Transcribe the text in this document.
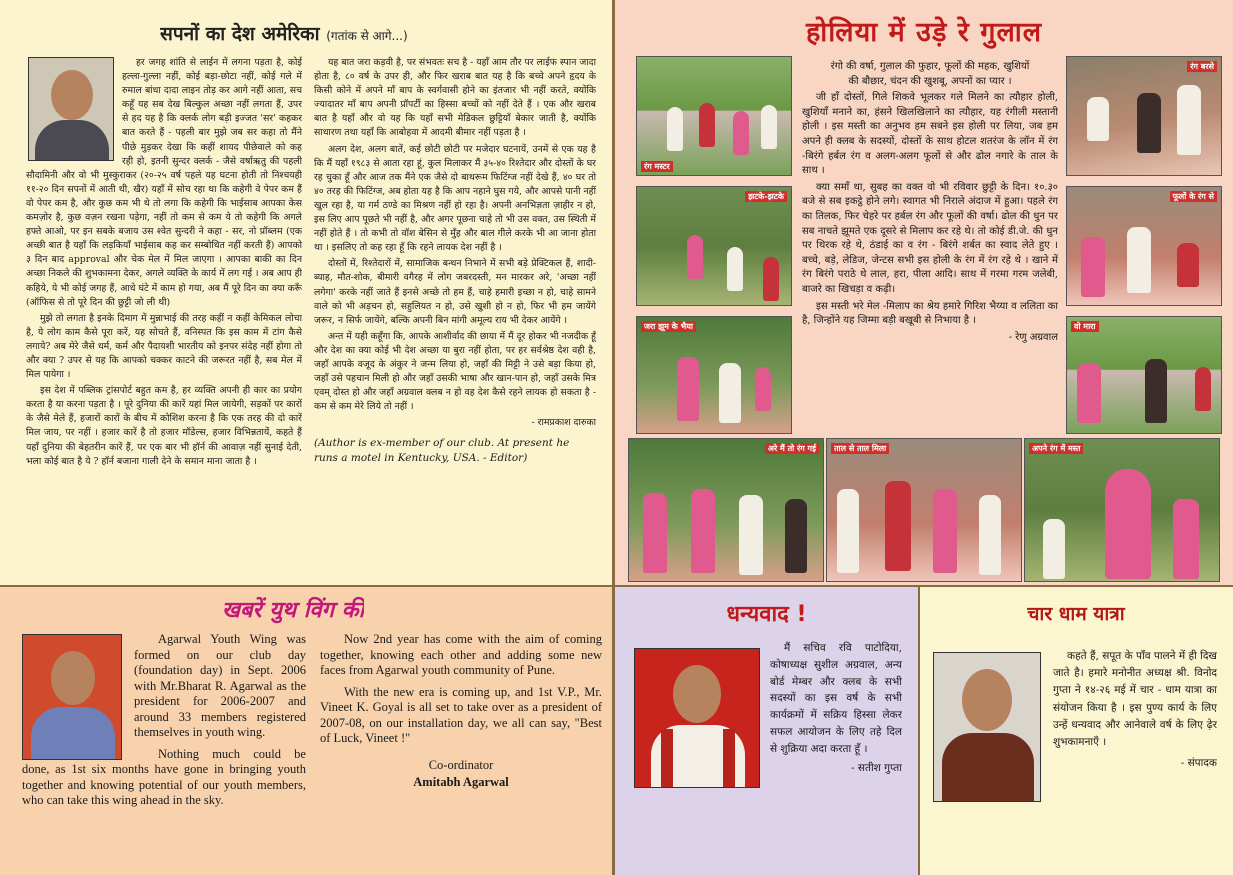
सपनों का देश अमेरिका (गतांक से आगे...)

हर जगह शांति से लाईन में लगना पड़ता है, कोई हल्ला-गुल्ला नहीं, कोई बड़ा-छोटा नहीं, कोई गले में रुमाल बांधा दादा लाइन तोड़ कर आगे नहीं आता, सच कहूँ यह सब देख बिल्कुल अच्छा नहीं लगता हैं, उपर से हद यह है कि क्लर्क लोग बड़ी इज्जत 'सर' कहकर बात करते हैं - पहली बार मुझे जब सर कहा तो मैंने पीछे मुड़कर देखा कि कहीं शायद पीछेवाले को कह रही हो, इतनी सुन्दर क्लर्क - जैसे वर्षाऋतु की पहली सौदामिनी और वो भी मुस्कुराकर (२०-२५ वर्ष पहले यह घटना होती तो निश्चयही ११-२० दिन सपनों में आती थी, खैर) यहाँ में सोच रहा था कि कहेगी वे पेपर कम हैं वो पेपर कम है, और कुछ कम भी थे तो लगा कि कहेगी कि भाईसाब आपका केस कमज़ोर है, कुछ वज़न रखना पड़ेगा, नहीं तो कम से कम ये तो कहेगी कि अगले हफ्ते आओ, पर इन सबके बजाय उस श्वेत सुन्दरी ने कहा - सर, नो प्रॉब्लम (एक अच्छी बात है यहाँ कि लड़कियाँ भाईसाब कह कर सम्बोधित नहीं करती हैं) आपको ३ दिन बाद approval और चेक मेल में मिल जाएगा । आपका बाकी का दिन अच्छा निकले की शुभकामना देकर, अगले व्यक्ति के कार्य में लग गई । अब आप ही कहिये, ये भी कोई जगह हैं, आधे घंटे में काम हो गया, अब मैं पूरे दिन का क्या करूँ (ऑफिस से तो पूरे दिन की छुट्टी जो ली थी)

मुझे तो लगता है इनके दिमाग में मुन्नाभाई की तरह कहीं न कहीं केमिकल लोचा है, ये लोग काम कैसे पूरा करें, यह सोचते हैं, वनिस्पत कि इस काम में टांग कैसे लगाये? अब मेरे जैसे धर्म, कर्म और पैदायशी भारतीय को इनपर संदेह नहीं होगा तो और क्या ? उपर से यह कि आपको चक्कर काटने की जरूरत नहीं है, सब मेल में मिल पायेगा ।

इस देश में पब्लिक ट्रांसपोर्ट बहुत कम है, हर व्यक्ति अपनी ही कार का प्रयोग करता है या करना पड़ता है । पूरे दुनिया की कारें यहां मिल जायेगी, सड़कों पर कारों के जैसे मेले हैं, हजारों कारों के बीच में कोशिश करना है कि एक तरह की दो कारें मिल जाय, पर नहीं । हजार कारें है तो हजार मॉडेल्स, हजार विभिन्नतायें, कहते हैं यहाँ दुनिया की बेहतरीन कारें हैं, पर एक बार भी हॉर्न की आवाज़ नहीं सुनाई देती, भला कोई बात है ये ? हॉर्न बजाना गाली देने के समान माना जाता है ।

यह बात जरा कड़वी है, पर संभवतः सच है - यहाँ आम तौर पर लाईफ स्पान जादा होता है, ८० वर्ष के उपर ही, और फिर खराब बात यह है कि बच्चे अपने हृदय के किसी कोने में अपने माँ बाप के स्वर्गवासी होने का इंतजार भी नहीं करते, क्योंकि ज्यादातर माँ बाप अपनी प्रॉपर्टी का हिस्सा बच्चों को नहीं देते हैं । एक और खराब बात है यहाँ और वो यह कि यहाँ सभी मेडिकल छुट्टियाँ बेकार जाती है, क्योंकि साधारण तथा यहाँ कि आबोहवा में आदमी बीमार नहीं पड़ता है ।

अलग देश, अलग बातें, कई छोटी छोटी पर मजेदार घटनायें, उनमें से एक यह है कि मैं यहाँ १९८३ से आता रहा हूं, कुल मिलाकर मैं ३५-४० रिश्तेदार और दोस्तों के घर रह चुका हूँ और आज तक मैंने एक जैसे दो बाथरूम फिटिंग्ज नहीं देखे हैं, ४० घर तो ४० तरह की फिटिंग्ज, अब होता यह है कि आप नहाने घुस गये, और आपसे पानी नहीं खुल रहा है, या गर्म ठण्डे का मिश्रण नहीं हो रहा है। अपनी अनभिज्ञता ज़ाहीर न हो, इस लिए आप पूछते भी नहीं है, और अगर पूछना चाहे तो भी उस वक्त, उस स्थिती में नहीं होते हैं । तो कभी तो वॉश बेसिन से मुँह और बाल गीले करके भी आ जाना होता था । इसलिए तो कह रहा हूँ कि रहने लायक देश नहीं है ।

दोस्तों में, रिश्तेदारों में, सामाजिक बन्धन निभाने में सभी बड़े प्रेक्टिकल हैं, शादी-ब्याह, मौत-शोक, बीमारी वगैरह में लोग जबरदस्ती, मन मारकर अरे, 'अच्छा नहीं लगेगा' करके नहीं जाते हैं इनसे अच्छे तो हम हैं, चाहे हमारी इच्छा न हो, चाहे सामने वाले को भी अड़चन हो, सहुलियत न हो, उसे खुशी हो न हो, फिर भी हम जायेंगे जरूर, न सिर्फ जायेंगे, बल्कि अपनी बिन मांगी अमूल्य राय भी देकर आयेंगे ।

अन्त में यही कहूँगा कि, आपके आशीर्वाद की छाया में मैं दूर होकर भी नजदीक हूँ और देश का क्या कोई भी देश अच्छा या बुरा नहीं होता, पर हर सर्वश्रेष्ठ देश वही है, जहाँ आपके वजूद के अंकुर ने जन्म लिया हो, जहाँ की मिट्टी ने उसे बड़ा किया हो, जहाँ उसे पहचान मिली हो और जहाँ उसकी भाषा और खान-पान हो, जहाँ उसके मित्र एवम् दोस्त हो और जहाँ अग्रवाल क्लब न हो वह देश कैसे रहने लायक हो सकता है - कम से कम मेरे लिये तो नहीं ।

- रामप्रकाश दारुका

(Author is ex-member of our club. At present he runs a motel in Kentucky, USA. - Editor)

होलिया में उड़े रे गुलाल
रंग मस्टर
रंग बरसे
झटके-झटके	फूलों के रंग से
जरा झूम के भैया	वो मारा
अरे मैं तो रंग गई	ताल से ताल मिला	अपने रंग में मस्त

रंगो की वर्षा, गुलाल की फुहार, फूलों की महक, खुशियों की बौछार, चंदन की खुशबू, अपनों का प्यार ।

जी हाँ दोस्तों, गिले शिकवे भूलकर गले मिलने का त्यौहार होली, खुशियाँ मनाने का, हंसने खिलखिलाने का त्यौहार, यह रंगीली मस्तानी होली । इस मस्ती का अनुभव हम सबने इस होली पर लिया, जब हम अपने ही क्लब के सदस्यों, दोस्तों के साथ होटल शतरंज के लॉन में रंग -बिरंगे हर्बल रंग व अलग-अलग फूलों से और ढोल नगारे के ताल के साथ ।

क्या समाँ था, सुबह का वक्त वो भी रविवार छुट्टी के दिन। १०.३० बजे से सब इकट्ठे होने लगे। स्वागत भी निराले अंदाज में हुआ। पहले रंग का तिलक, फिर चेहरे पर हर्बल रंग और फूलों की वर्षा। ढोल की धुन पर सब नाचते झूमते एक दूसरे से मिलाप कर रहे थे। तो कोई डी.जे. की धुन पर थिरक रहे थे, ठंडाई का व रंग - बिरंगे शर्बत का स्वाद लेते हुए । बच्चे, बड़े, लेडिज, जेन्टस सभी इस होली के रंग में रंग रहे थे । खाने में रंग बिरंगे पराठे थे लाल, हरा, पीला आदि। साथ में गरमा गरम जलेबी, बाजरे का खिचड़ा व कढ़ी।

इस मस्ती भरे मेल -मिलाप का श्रेय हमारे गिरिश भैय्या व ललिता का है, जिन्होंने यह जिम्मा बड़ी बखूबी से निभाया है ।

- रेणु अग्रवाल

खबरें युथ विंग की

Agarwal Youth Wing was formed on our club day (foundation day) in Sept. 2006 with Mr.Bharat R. Agarwal as the president for 2006-2007 and around 33 members registered themselves in youth wing.

Nothing much could be done, as 1st six months have gone in bringing youth together and knowing potential of our youth members, who can take this wing ahead in the sky.

Now 2nd year has come with the aim of coming together, knowing each other and adding some new faces from Agarwal youth community of Pune.

With the new era is coming up, and 1st V.P., Mr. Vineet K. Goyal is all set to take over as a president of 2007-08, on our installation day, we all can say, "Best of Luck, Vineet !"

Co-ordinator
Amitabh Agarwal
धन्यवाद !

मैं सचिव रवि पाटोदिया, कोषाध्यक्ष सुशील अग्रवाल, अन्य बोर्ड मेम्बर और क्लब के सभी सदस्यों का इस वर्ष के सभी कार्यक्रमों में सक्रिय हिस्सा लेकर सफल आयोजन के लिए तहे दिल से शुक्रिया अदा करता हूँ ।

- सतीश गुप्ता

चार धाम यात्रा

कहते हैं, सपूत के पाँव पालने में ही दिख जाते है। हमारे मनोनीत अध्यक्ष श्री. विनोद गुप्ता ने १४-२६ मई में चार - धाम यात्रा का संयोजन किया है । इस पुण्य कार्य के लिए उन्हें धन्यवाद और आनेवाले वर्ष के लिए ढ़ेर शुभकामनाएँ ।

- संपादक
